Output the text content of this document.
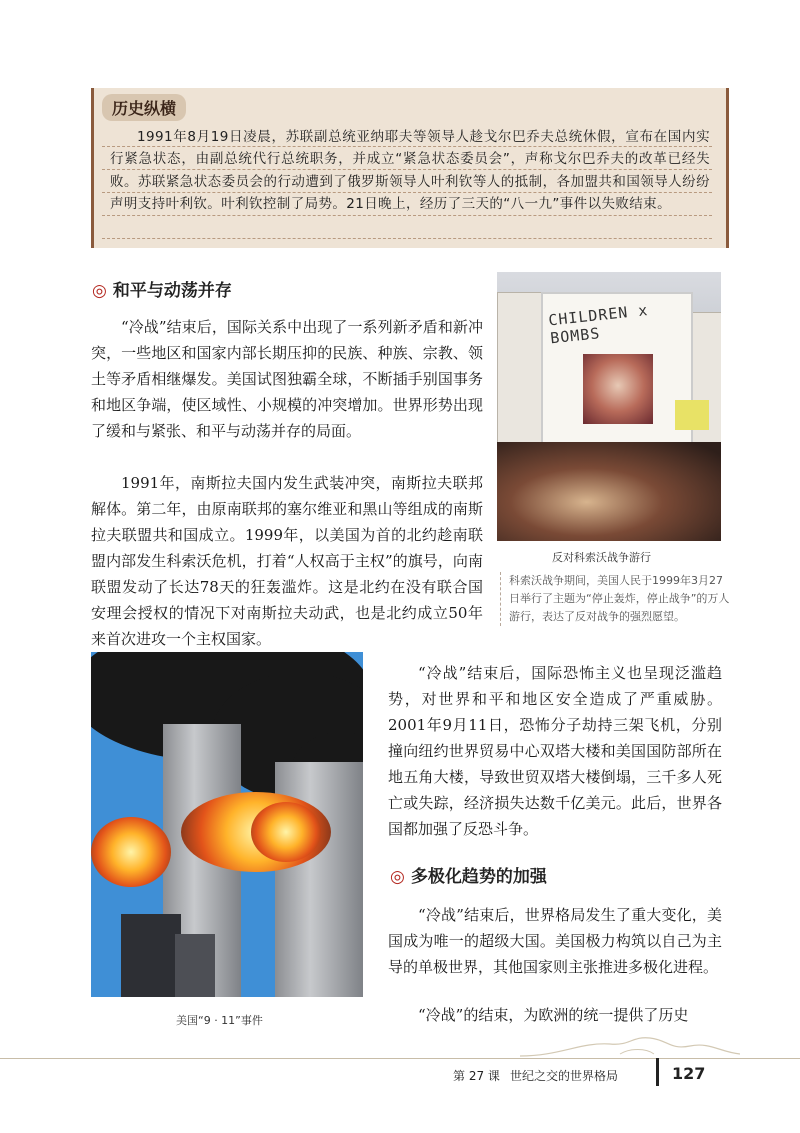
历史纵横
1991年8月19日凌晨，苏联副总统亚纳耶夫等领导人趁戈尔巴乔夫总统休假，宣布在国内实行紧急状态，由副总统代行总统职务，并成立“紧急状态委员会”，声称戈尔巴乔夫的改革已经失败。苏联紧急状态委员会的行动遭到了俄罗斯领导人叶利钦等人的抵制，各加盟共和国领导人纷纷声明支持叶利钦。叶利钦控制了局势。21日晚上，经历了三天的“八一九”事件以失败结束。
◎ 和平与动荡并存
“冷战”结束后，国际关系中出现了一系列新矛盾和新冲突，一些地区和国家内部长期压抑的民族、种族、宗教、领土等矛盾相继爆发。美国试图独霸全球，不断插手别国事务和地区争端，使区域性、小规模的冲突增加。世界形势出现了缓和与紧张、和平与动荡并存的局面。
1991年，南斯拉夫国内发生武装冲突，南斯拉夫联邦解体。第二年，由原南联邦的塞尔维亚和黑山等组成的南斯拉夫联盟共和国成立。1999年，以美国为首的北约趁南联盟内部发生科索沃危机，打着“人权高于主权”的旗号，向南联盟发动了长达78天的狂轰滥炸。这是北约在没有联合国安理会授权的情况下对南斯拉夫动武，也是北约成立50年来首次进攻一个主权国家。
CHILDREN x BOMBS
反对科索沃战争游行
科索沃战争期间，美国人民于1999年3月27日举行了主题为“停止轰炸，停止战争”的万人游行，表达了反对战争的强烈愿望。
美国“9 · 11”事件
“冷战”结束后，国际恐怖主义也呈现泛滥趋势，对世界和平和地区安全造成了严重威胁。2001年9月11日，恐怖分子劫持三架飞机，分别撞向纽约世界贸易中心双塔大楼和美国国防部所在地五角大楼，导致世贸双塔大楼倒塌，三千多人死亡或失踪，经济损失达数千亿美元。此后，世界各国都加强了反恐斗争。
◎ 多极化趋势的加强
“冷战”结束后，世界格局发生了重大变化，美国成为唯一的超级大国。美国极力构筑以自己为主导的单极世界，其他国家则主张推进多极化进程。
“冷战”的结束，为欧洲的统一提供了历史
第 27 课 世纪之交的世界格局	127
